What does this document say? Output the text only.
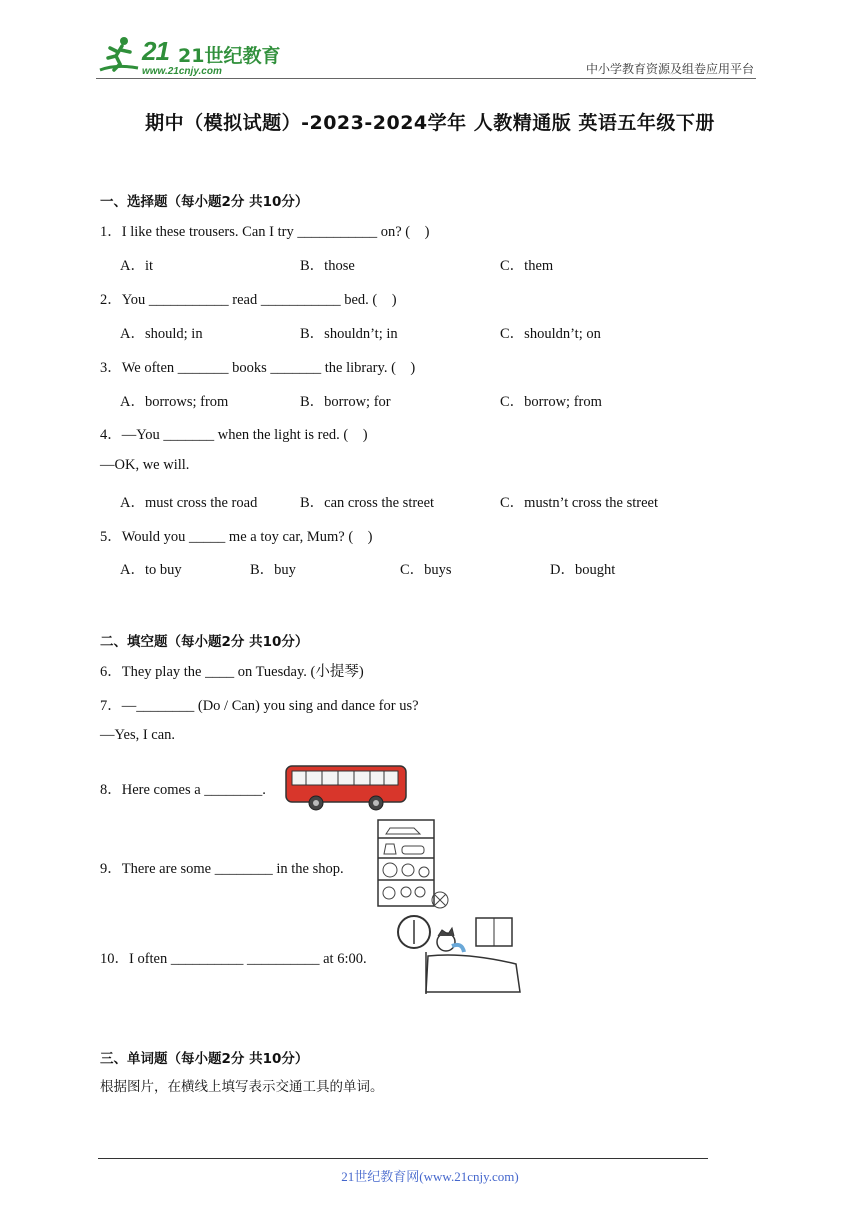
21 21世纪教育
www.21cnjy.com	中小学教育资源及组卷应用平台
期中（模拟试题）-2023-2024学年 人教精通版 英语五年级下册
一、选择题（每小题2分 共10分）
1．I like these trousers. Can I try ___________ on? (　)
A．it	B．those	C．them
2．You ___________ read ___________ bed. (　)
A．should; in	B．shouldn’t; in	C．shouldn’t; on
3．We often _______ books _______ the library. (　)
A．borrows; from	B．borrow; for	C．borrow; from
4．—You _______ when the light is red. (　)
—OK, we will.
A．must cross the road	B．can cross the street	C．mustn’t cross the street
5．Would you _____ me a toy car, Mum? (　)
A．to buy	B．buy	C．buys	D．bought
二、填空题（每小题2分 共10分）
6．They play the ____ on Tuesday. (小提琴)
7．—________ (Do / Can) you sing and dance for us?
—Yes, I can.
8．Here comes a ________.
9．There are some ________ in the shop.
10．I often __________ __________ at 6:00.
三、单词题（每小题2分 共10分）
根据图片，在横线上填写表示交通工具的单词。
21世纪教育网(www.21cnjy.com)
